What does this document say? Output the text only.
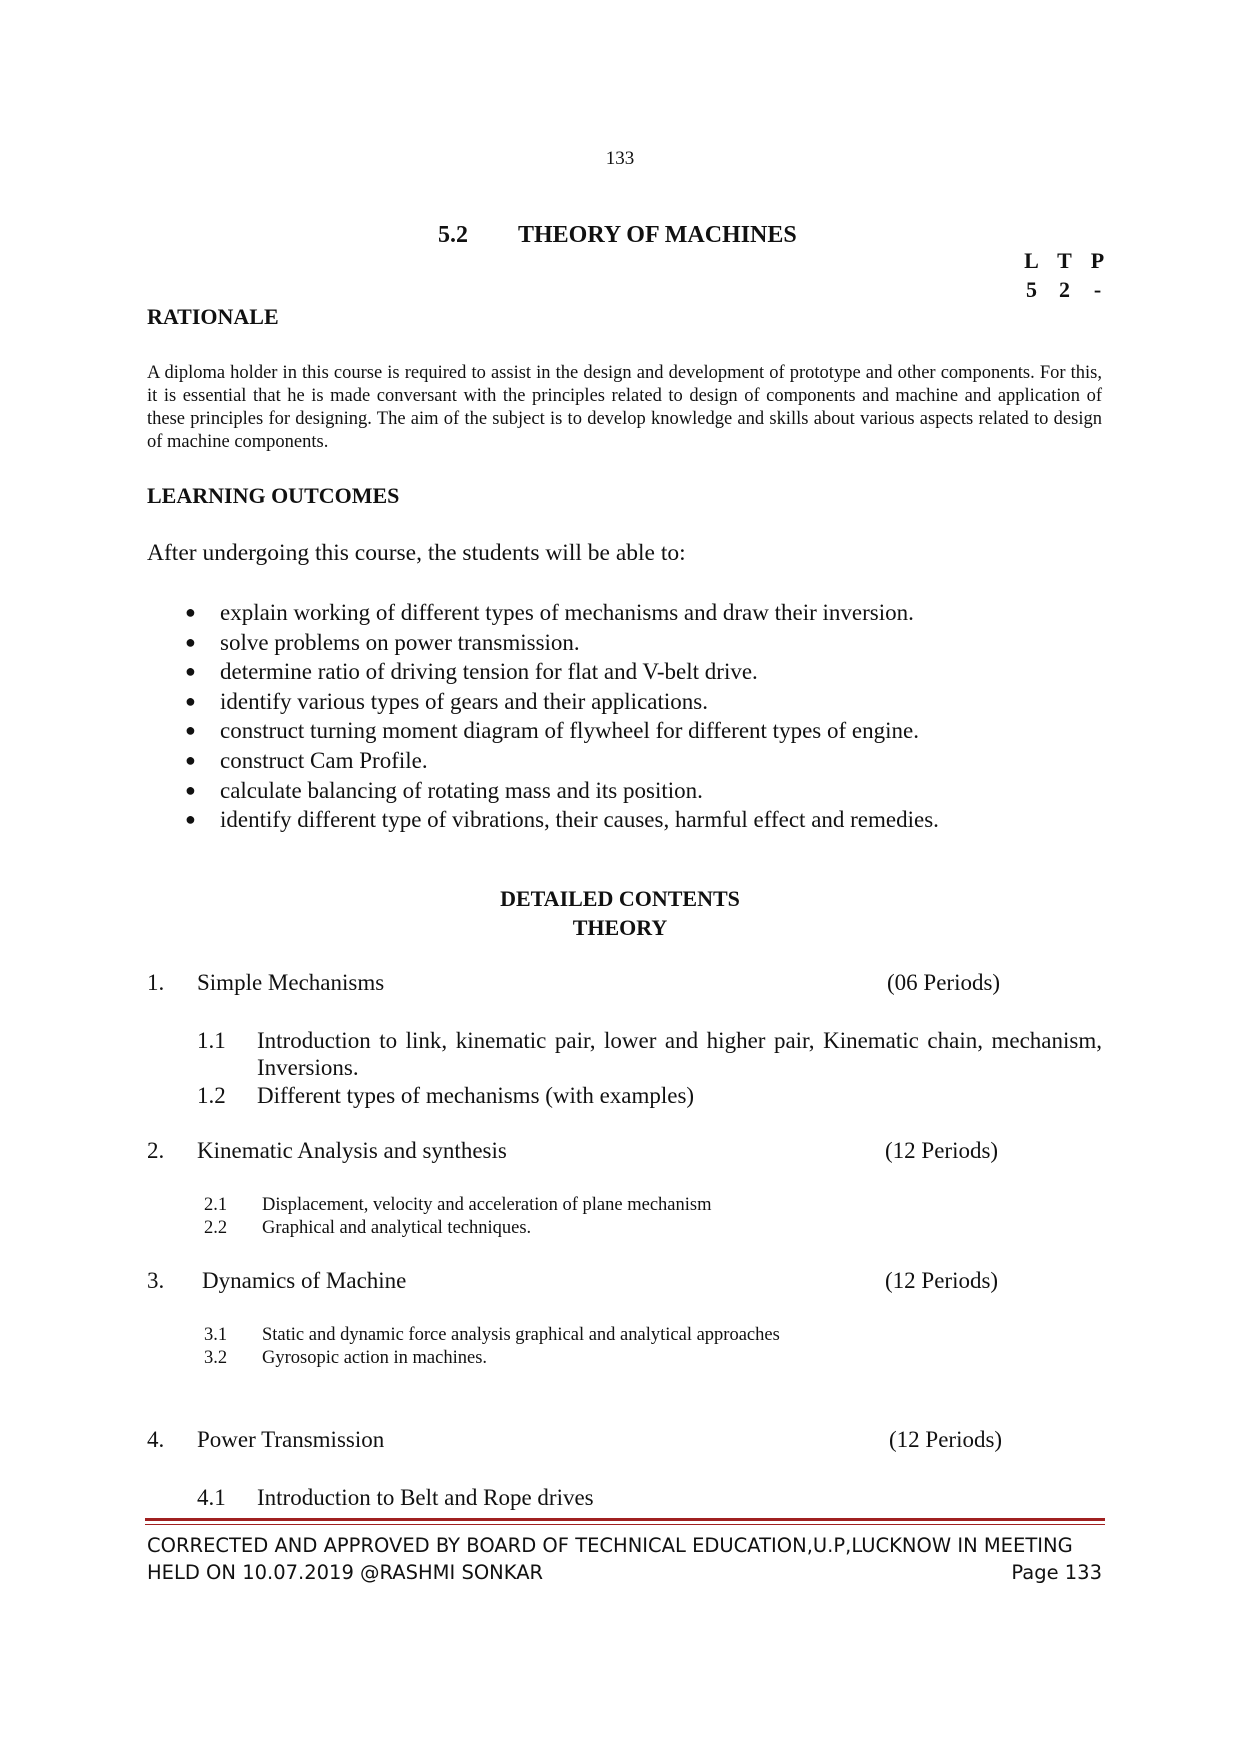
133
5.2 THEORY OF MACHINES
L T P
5	2	-
RATIONALE
A diploma holder in this course is required to assist in the design and development of prototype and other components. For this, it is essential that he is made conversant with the principles related to design of components and machine and application of these principles for designing. The aim of the subject is to develop knowledge and skills about various aspects related to design of machine components.
LEARNING OUTCOMES
After undergoing this course, the students will be able to:
● explain working of different types of mechanisms and draw their inversion.
● solve problems on power transmission.
● determine ratio of driving tension for flat and V-belt drive.
● identify various types of gears and their applications.
● construct turning moment diagram of flywheel for different types of engine.
● construct Cam Profile.
● calculate balancing of rotating mass and its position.
● identify different type of vibrations, their causes, harmful effect and remedies.
DETAILED CONTENTS
THEORY
1. Simple Mechanisms	(06 Periods)
1.1 Introduction to link, kinematic pair, lower and higher pair, Kinematic chain, mechanism, Inversions.
1.2 Different types of mechanisms (with examples)
2. Kinematic Analysis and synthesis	(12 Periods)
2.1 Displacement, velocity and acceleration of plane mechanism
2.2 Graphical and analytical techniques.
3. Dynamics of Machine	(12 Periods)
3.1 Static and dynamic force analysis graphical and analytical approaches
3.2 Gyrosopic action in machines.
4. Power Transmission	(12 Periods)
4.1 Introduction to Belt and Rope drives
CORRECTED AND APPROVED BY BOARD OF TECHNICAL EDUCATION,U.P,LUCKNOW IN MEETING
HELD ON 10.07.2019 @RASHMI SONKAR	Page 133
